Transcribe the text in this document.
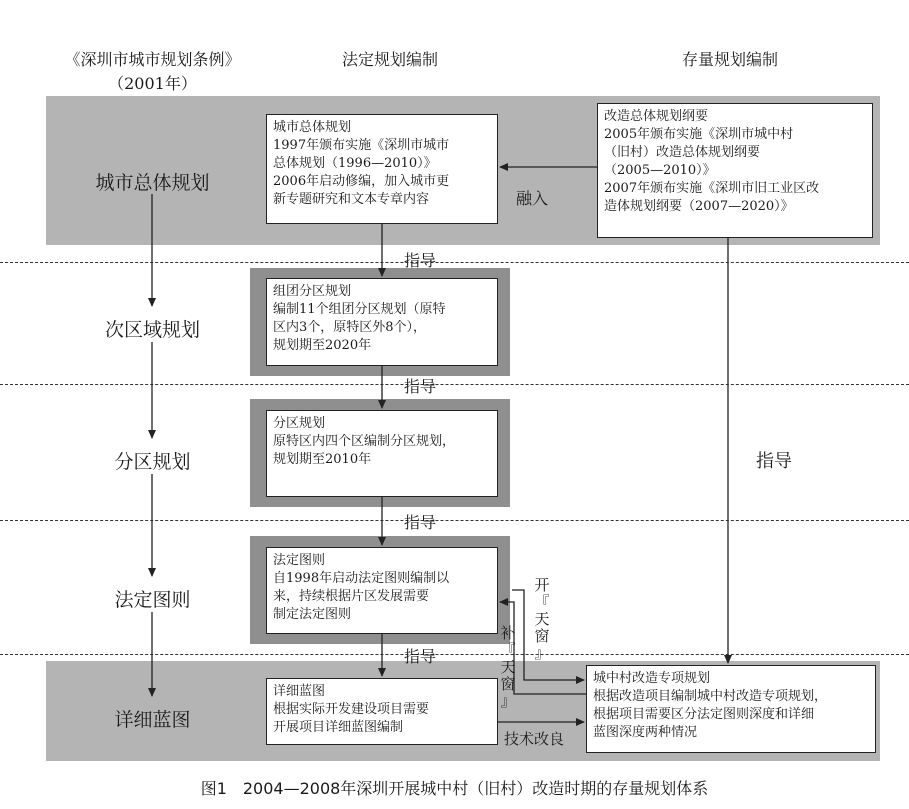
《深圳市城市规划条例》
（2001年）
法定规划编制	存量规划编制
城市总体规划
次区域规划
分区规划
法定图则
详细蓝图
城市总体规划
1997年颁布实施《深圳市城市
总体规划（1996—2010）》
2006年启动修编，加入城市更
新专题研究和文本专章内容
改造总体规划纲要
2005年颁布实施《深圳市城中村
（旧村）改造总体规划纲要
（2005—2010）》
2007年颁布实施《深圳市旧工业区改
造体规划纲要（2007—2020）》
组团分区规划
编制11个组团分区规划（原特
区内3个，原特区外8个），
规划期至2020年
分区规划
原特区内四个区编制分区规划，
规划期至2010年
法定图则
自1998年启动法定图则编制以
来，持续根据片区发展需要
制定法定图则
详细蓝图
根据实际开发建设项目需要
开展项目详细蓝图编制
城中村改造专项规划
根据改造项目编制城中村改造专项规划，
根据项目需要区分法定图则深度和详细
蓝图深度两种情况
融入
指导
指导
指导
指导
指导
开
『
天
窗
』
补
『
天
窗
』
技术改良
图1　2004—2008年深圳开展城中村（旧村）改造时期的存量规划体系
